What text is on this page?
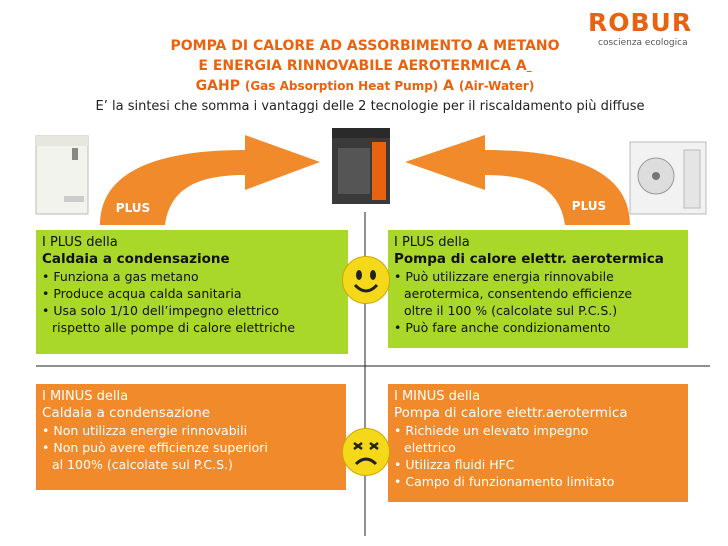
POMPA DI CALORE AD ASSORBIMENTO A METANO
E ENERGIA RINNOVABILE AEROTERMICA A
GAHP (Gas Absorption Heat Pump) A (Air-Water)
E’ la sintesi che somma i vantaggi delle 2 tecnologie per il riscaldamento più diffuse
ROBUR
coscienza ecologica
PLUS	PLUS
I PLUS della
Caldaia a condensazione
• Funziona a gas metano
• Produce acqua calda sanitaria
• Usa solo 1/10 dell’impegno elettrico
rispetto alle pompe di calore elettriche
I PLUS della
Pompa di calore elettr. aerotermica
• Può utilizzare energia rinnovabile
aerotermica, consentendo efficienze
oltre il 100 % (calcolate sul P.C.S.)
• Può fare anche condizionamento
I MINUS della
Caldaia a condensazione
• Non utilizza energie rinnovabili
• Non può avere efficienze superiori
al 100% (calcolate sul P.C.S.)
I MINUS della
Pompa di calore elettr.aerotermica
• Richiede un elevato impegno
elettrico
• Utilizza fluidi HFC
• Campo di funzionamento limitato
